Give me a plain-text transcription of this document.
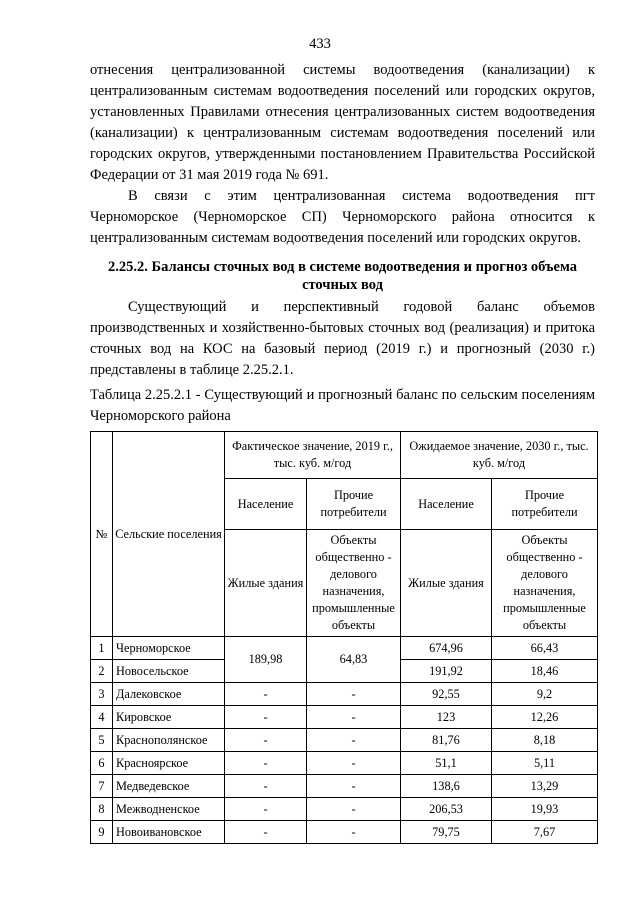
433

отнесения централизованной системы водоотведения (канализации) к централизованным системам водоотведения поселений или городских округов, установленных Правилами отнесения централизованных систем водоотведения (канализации) к централизованным системам водоотведения поселений или городских округов, утвержденными постановлением Правительства Российской Федерации от 31 мая 2019 года № 691.

В связи с этим централизованная система водоотведения пгт Черноморское (Черноморское СП) Черноморского района относится к централизованным системам водоотведения поселений или городских округов.

2.25.2. Балансы сточных вод в системе водоотведения и прогноз объема сточных вод

Существующий и перспективный годовой баланс объемов производственных и хозяйственно-бытовых сточных вод (реализация) и притока сточных вод на КОС на базовый период (2019 г.) и прогнозный (2030 г.) представлены в таблице 2.25.2.1.

Таблица 2.25.2.1 - Существующий и прогнозный баланс по сельским поселениям Черноморского района

№	Сельские поселения	Фактическое значение, 2019 г., тыс. куб. м/год		Ожидаемое значение, 2030 г., тыс. куб. м/год	
		Население	Прочие потребители	Население	Прочие потребители
		Жилые здания	Объекты общественно - делового назначения, промышленные объекты	Жилые здания	Объекты общественно - делового назначения, промышленные объекты
1	Черноморское	189,98	64,83	674,96	66,43
2	Новосельское			191,92	18,46
3	Далековское	-	-	92,55	9,2
4	Кировское	-	-	123	12,26
5	Краснополянское	-	-	81,76	8,18
6	Красноярское	-	-	51,1	5,11
7	Медведевское	-	-	138,6	13,29
8	Межводненское	-	-	206,53	19,93
9	Новоивановское	-	-	79,75	7,67
